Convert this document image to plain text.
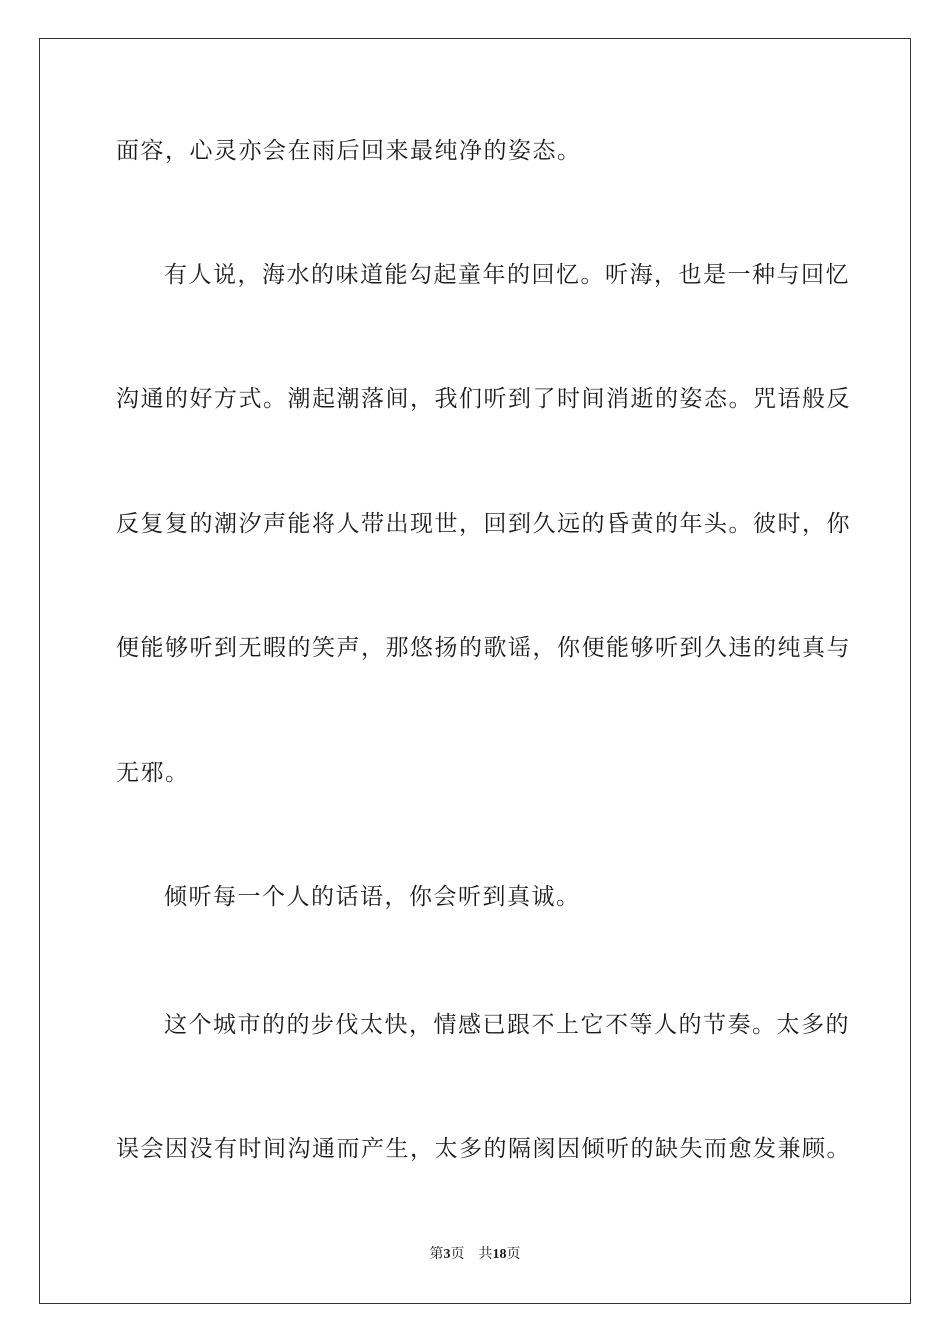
面容，心灵亦会在雨后回来最纯净的姿态。
有人说，海水的味道能勾起童年的回忆。听海，也是一种与回忆
沟通的好方式。潮起潮落间，我们听到了时间消逝的姿态。咒语般反
反复复的潮汐声能将人带出现世，回到久远的昏黄的年头。彼时，你
便能够听到无暇的笑声，那悠扬的歌谣，你便能够听到久违的纯真与
无邪。
倾听每一个人的话语，你会听到真诚。
这个城市的的步伐太快，情感已跟不上它不等人的节奏。太多的
误会因没有时间沟通而产生，太多的隔阂因倾听的缺失而愈发兼顾。
第3页 共18页
